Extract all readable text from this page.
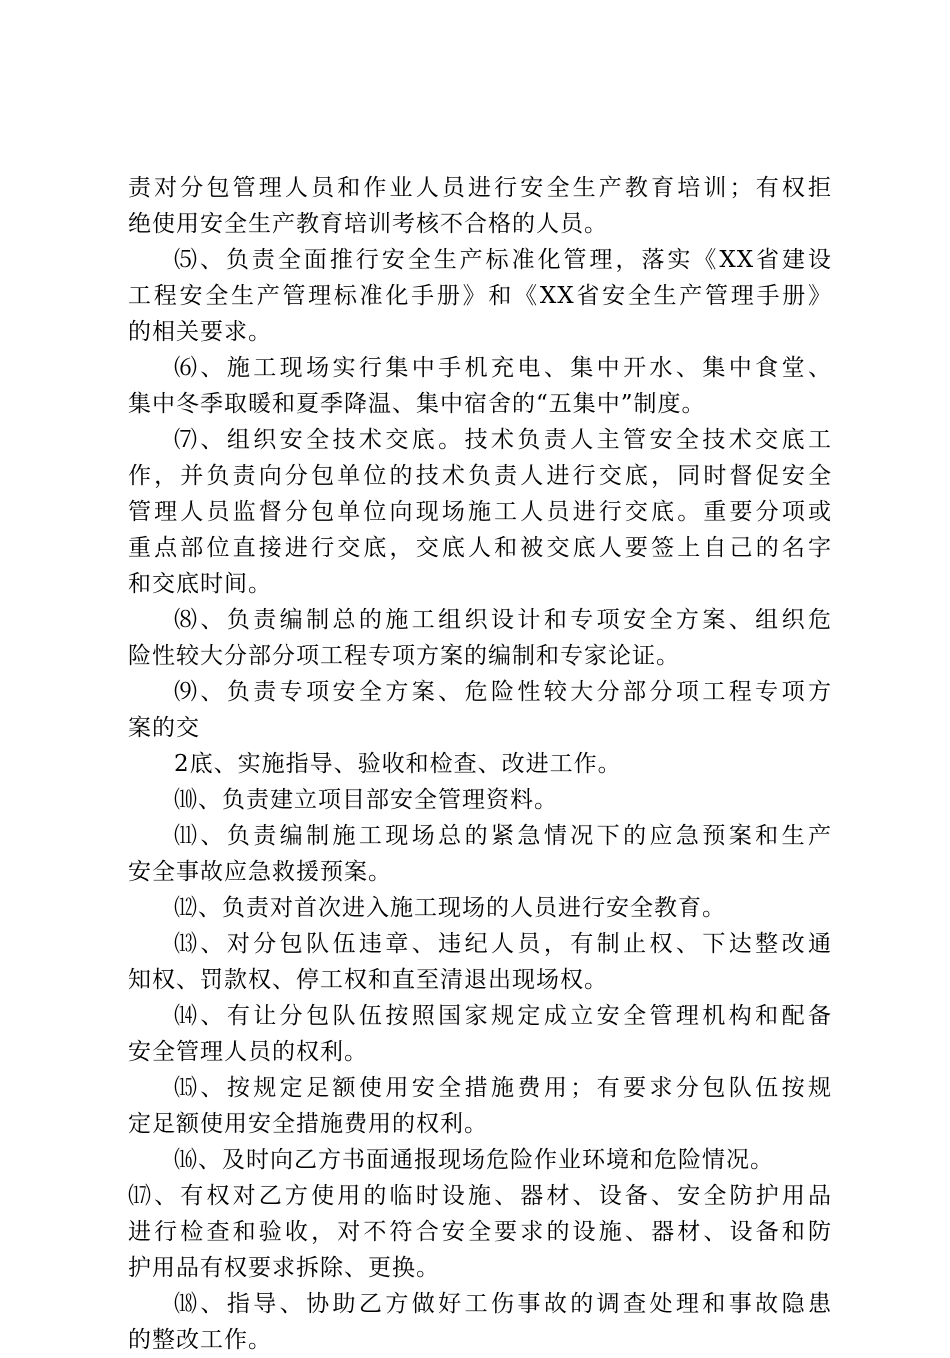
责对分包管理人员和作业人员进行安全生产教育培训；有权拒
绝使用安全生产教育培训考核不合格的人员。
⑸、负责全面推行安全生产标准化管理，落实《XX省建设
工程安全生产管理标准化手册》和《XX省安全生产管理手册》
的相关要求。
⑹、施工现场实行集中手机充电、集中开水、集中食堂、
集中冬季取暖和夏季降温、集中宿舍的“五集中”制度。
⑺、组织安全技术交底。技术负责人主管安全技术交底工
作，并负责向分包单位的技术负责人进行交底，同时督促安全
管理人员监督分包单位向现场施工人员进行交底。重要分项或
重点部位直接进行交底，交底人和被交底人要签上自己的名字
和交底时间。
⑻、负责编制总的施工组织设计和专项安全方案、组织危
险性较大分部分项工程专项方案的编制和专家论证。
⑼、负责专项安全方案、危险性较大分部分项工程专项方
案的交
2底、实施指导、验收和检查、改进工作。
⑽、负责建立项目部安全管理资料。
⑾、负责编制施工现场总的紧急情况下的应急预案和生产
安全事故应急救援预案。
⑿、负责对首次进入施工现场的人员进行安全教育。
⒀、对分包队伍违章、违纪人员，有制止权、下达整改通
知权、罚款权、停工权和直至清退出现场权。
⒁、有让分包队伍按照国家规定成立安全管理机构和配备
安全管理人员的权利。
⒂、按规定足额使用安全措施费用；有要求分包队伍按规
定足额使用安全措施费用的权利。
⒃、及时向乙方书面通报现场危险作业环境和危险情况。
⒄、有权对乙方使用的临时设施、器材、设备、安全防护用品
进行检查和验收，对不符合安全要求的设施、器材、设备和防
护用品有权要求拆除、更换。
⒅、指导、协助乙方做好工伤事故的调查处理和事故隐患
的整改工作。
